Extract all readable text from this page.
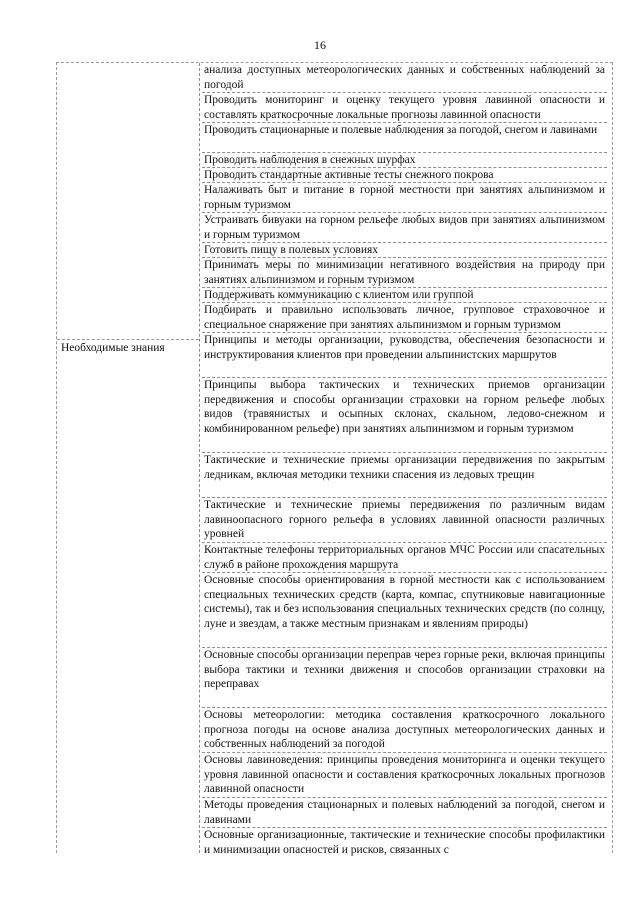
16
Необходимые знания
анализа доступных метеорологических данных и собственных наблюдений за погодой
Проводить мониторинг и оценку текущего уровня лавинной опасности и составлять краткосрочные локальные прогнозы лавинной опасности
Проводить стационарные и полевые наблюдения за погодой, снегом и лавинами
Проводить наблюдения в снежных шурфах
Проводить стандартные активные тесты снежного покрова
Налаживать быт и питание в горной местности при занятиях альпинизмом и горным туризмом
Устраивать бивуаки на горном рельефе любых видов при занятиях альпинизмом и горным туризмом
Готовить пищу в полевых условиях
Принимать меры по минимизации негативного воздействия на природу при занятиях альпинизмом и горным туризмом
Поддерживать коммуникацию с клиентом или группой
Подбирать и правильно использовать личное, групповое страховочное и специальное снаряжение при занятиях альпинизмом и горным туризмом
Принципы и методы организации, руководства, обеспечения безопасности и инструктирования клиентов при проведении альпинистских маршрутов
Принципы выбора тактических и технических приемов организации передвижения и способы организации страховки на горном рельефе любых видов (травянистых и осыпных склонах, скальном, ледово-снежном и комбинированном рельефе) при занятиях альпинизмом и горным туризмом
Тактические и технические приемы организации передвижения по закрытым ледникам, включая методики техники спасения из ледовых трещин
Тактические и технические приемы передвижения по различным видам лавиноопасного горного рельефа в условиях лавинной опасности различных уровней
Контактные телефоны территориальных органов МЧС России или спасательных служб в районе прохождения маршрута
Основные способы ориентирования в горной местности как с использованием специальных технических средств (карта, компас, спутниковые навигационные системы), так и без использования специальных технических средств (по солнцу, луне и звездам, а также местным признакам и явлениям природы)
Основные способы организации переправ через горные реки, включая принципы выбора тактики и техники движения и способов организации страховки на переправах
Основы метеорологии: методика составления краткосрочного локального прогноза погоды на основе анализа доступных метеорологических данных и собственных наблюдений за погодой
Основы лавиноведения: принципы проведения мониторинга и оценки текущего уровня лавинной опасности и составления краткосрочных локальных прогнозов лавинной опасности
Методы проведения стационарных и полевых наблюдений за погодой, снегом и лавинами
Основные организационные, тактические и технические способы профилактики и минимизации опасностей и рисков, связанных с
